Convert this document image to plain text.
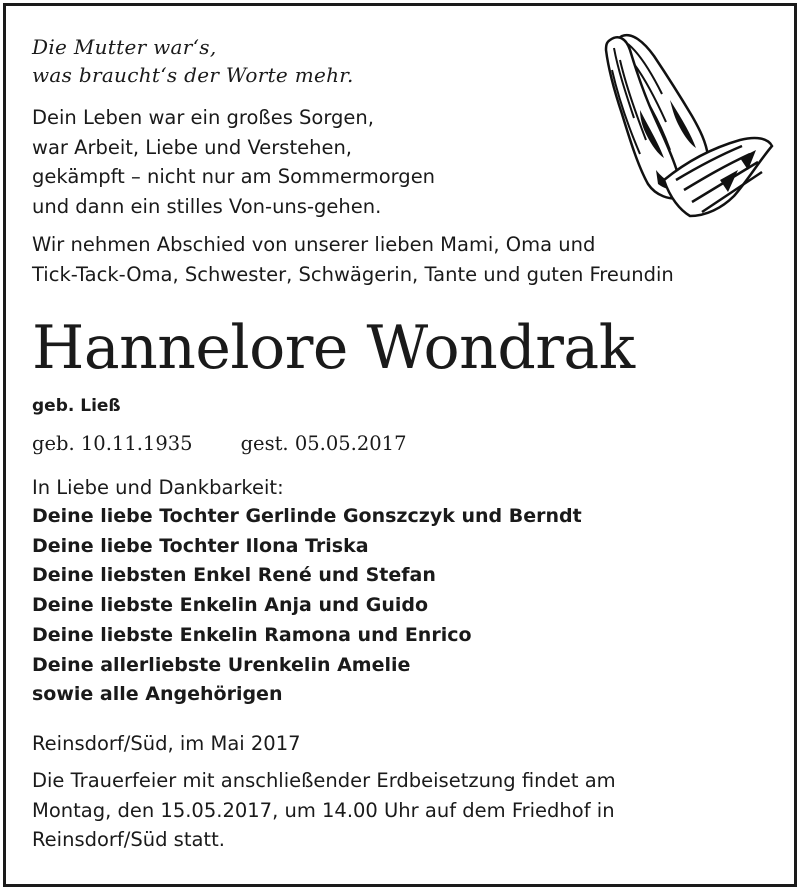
Die Mutter war‘s,

was braucht‘s der Worte mehr.

Dein Leben war ein großes Sorgen,

war Arbeit, Liebe und Verstehen,

gekämpft – nicht nur am Sommermorgen

und dann ein stilles Von-uns-gehen.

Wir nehmen Abschied von unserer lieben Mami, Oma und

Tick-Tack-Oma, Schwester, Schwägerin, Tante und guten Freundin

Hannelore Wondrak
geb. Ließ
geb. 10.11.1935 gest. 05.05.2017
In Liebe und Dankbarkeit:

Deine liebe Tochter Gerlinde Gonszczyk und Berndt

Deine liebe Tochter Ilona Triska

Deine liebsten Enkel René und Stefan

Deine liebste Enkelin Anja und Guido

Deine liebste Enkelin Ramona und Enrico

Deine allerliebste Urenkelin Amelie

sowie alle Angehörigen

Reinsdorf/Süd, im Mai 2017

Die Trauerfeier mit anschließender Erdbeisetzung findet am

Montag, den 15.05.2017, um 14.00 Uhr auf dem Friedhof in

Reinsdorf/Süd statt.
